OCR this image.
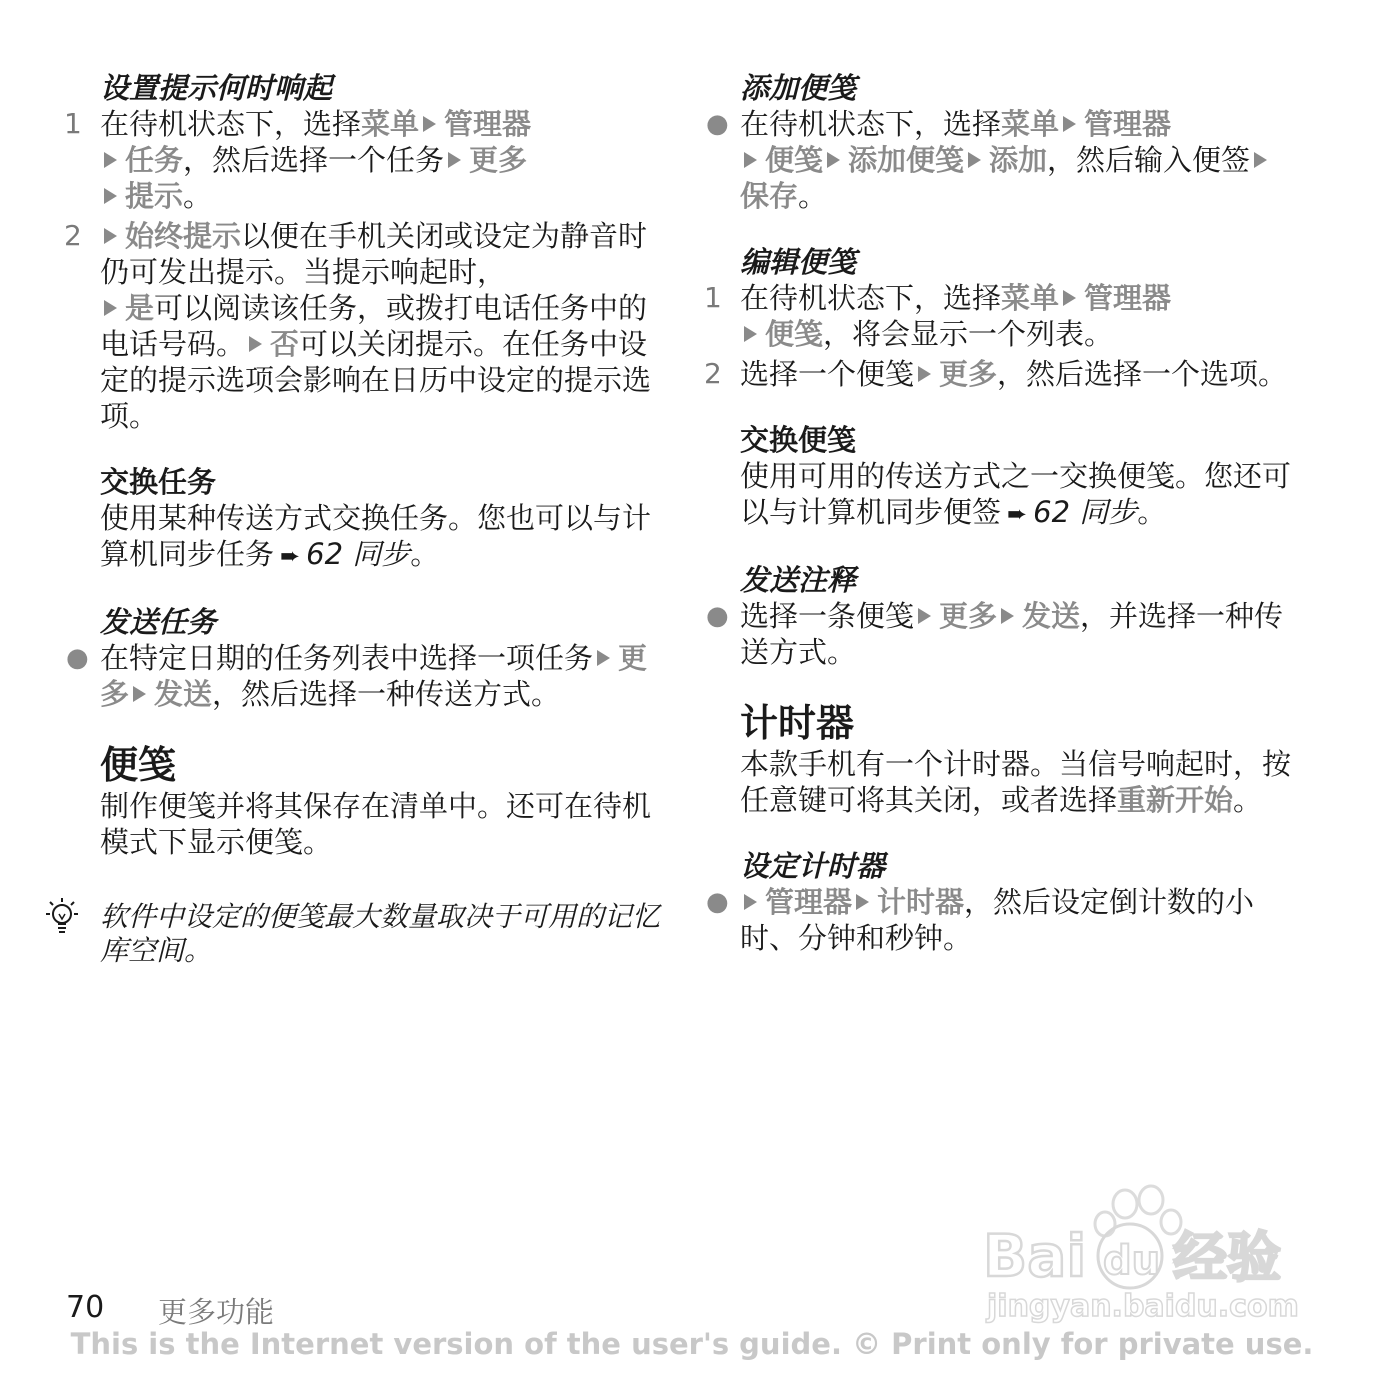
设置提示何时响起

1 在待机状态下，选择菜单 管理器
任务，然后选择一个任务 更多
提示。

2 始终提示以便在手机关闭或设定为静音时仍可发出提示。当提示响起时，
是可以阅读该任务，或拨打电话任务中的电话号码。 否可以关闭提示。在任务中设定的提示选项会影响在日历中设定的提示选项。

交换任务

使用某种传送方式交换任务。您也可以与计算机同步任务 ➨ 62 同步。

发送任务

● 在特定日期的任务列表中选择一项任务 更多 发送，然后选择一种传送方式。

便笺

制作便笺并将其保存在清单中。还可在待机模式下显示便笺。

软件中设定的便笺最大数量取决于可用的记忆库空间。

添加便笺

● 在待机状态下，选择菜单 管理器
便笺 添加便笺 添加，然后输入便签保存。

编辑便笺

1 在待机状态下，选择菜单 管理器
便笺，将会显示一个列表。

2 选择一个便笺 更多，然后选择一个选项。

交换便笺

使用可用的传送方式之一交换便笺。您还可以与计算机同步便签 ➨ 62 同步。

发送注释

● 选择一条便笺 更多 发送，并选择一种传送方式。

计时器

本款手机有一个计时器。当信号响起时，按任意键可将其关闭，或者选择重新开始。

设定计时器

● 管理器 计时器，然后设定倒计数的小时、分钟和秒钟。

Bai du 经验
jingyan.baidu.com
70 更多功能
This is the Internet version of the user's guide. © Print only for private use.
